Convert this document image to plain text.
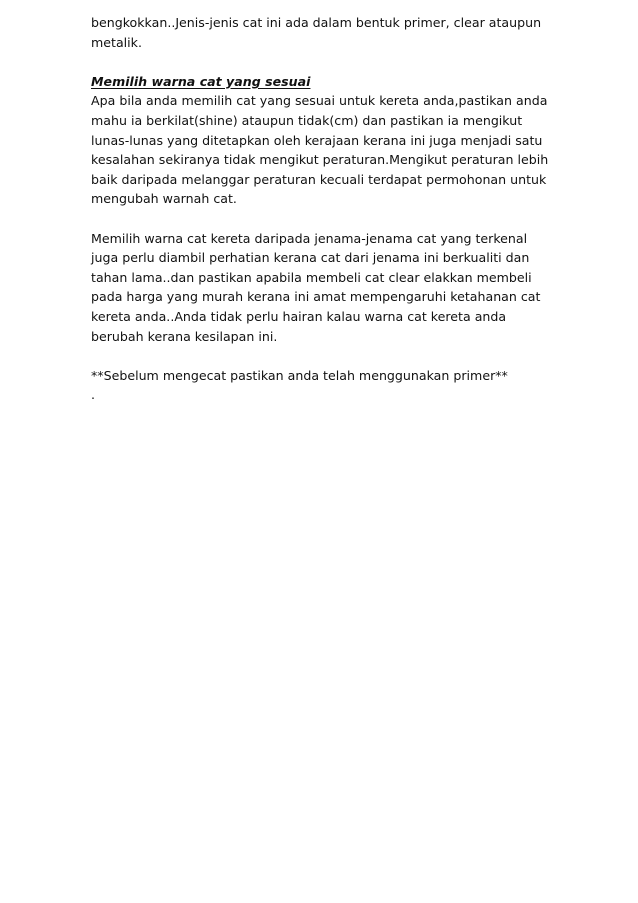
bengkokkan..Jenis-jenis cat ini ada dalam bentuk primer, clear ataupun
metalik.
Memilih warna cat yang sesuai
Apa bila anda memilih cat yang sesuai untuk kereta anda,pastikan anda
mahu ia berkilat(shine) ataupun tidak(cm) dan pastikan ia mengikut
lunas-lunas yang ditetapkan oleh kerajaan kerana ini juga menjadi satu
kesalahan sekiranya tidak mengikut peraturan.Mengikut peraturan lebih
baik daripada melanggar peraturan kecuali terdapat permohonan untuk
mengubah warnah cat.
Memilih warna cat kereta daripada jenama-jenama cat yang terkenal
juga perlu diambil perhatian kerana cat dari jenama ini berkualiti dan
tahan lama..dan pastikan apabila membeli cat clear elakkan membeli
pada harga yang murah kerana ini amat mempengaruhi ketahanan cat
kereta anda..Anda tidak perlu hairan kalau warna cat kereta anda
berubah kerana kesilapan ini.
**Sebelum mengecat pastikan anda telah menggunakan primer**
.
